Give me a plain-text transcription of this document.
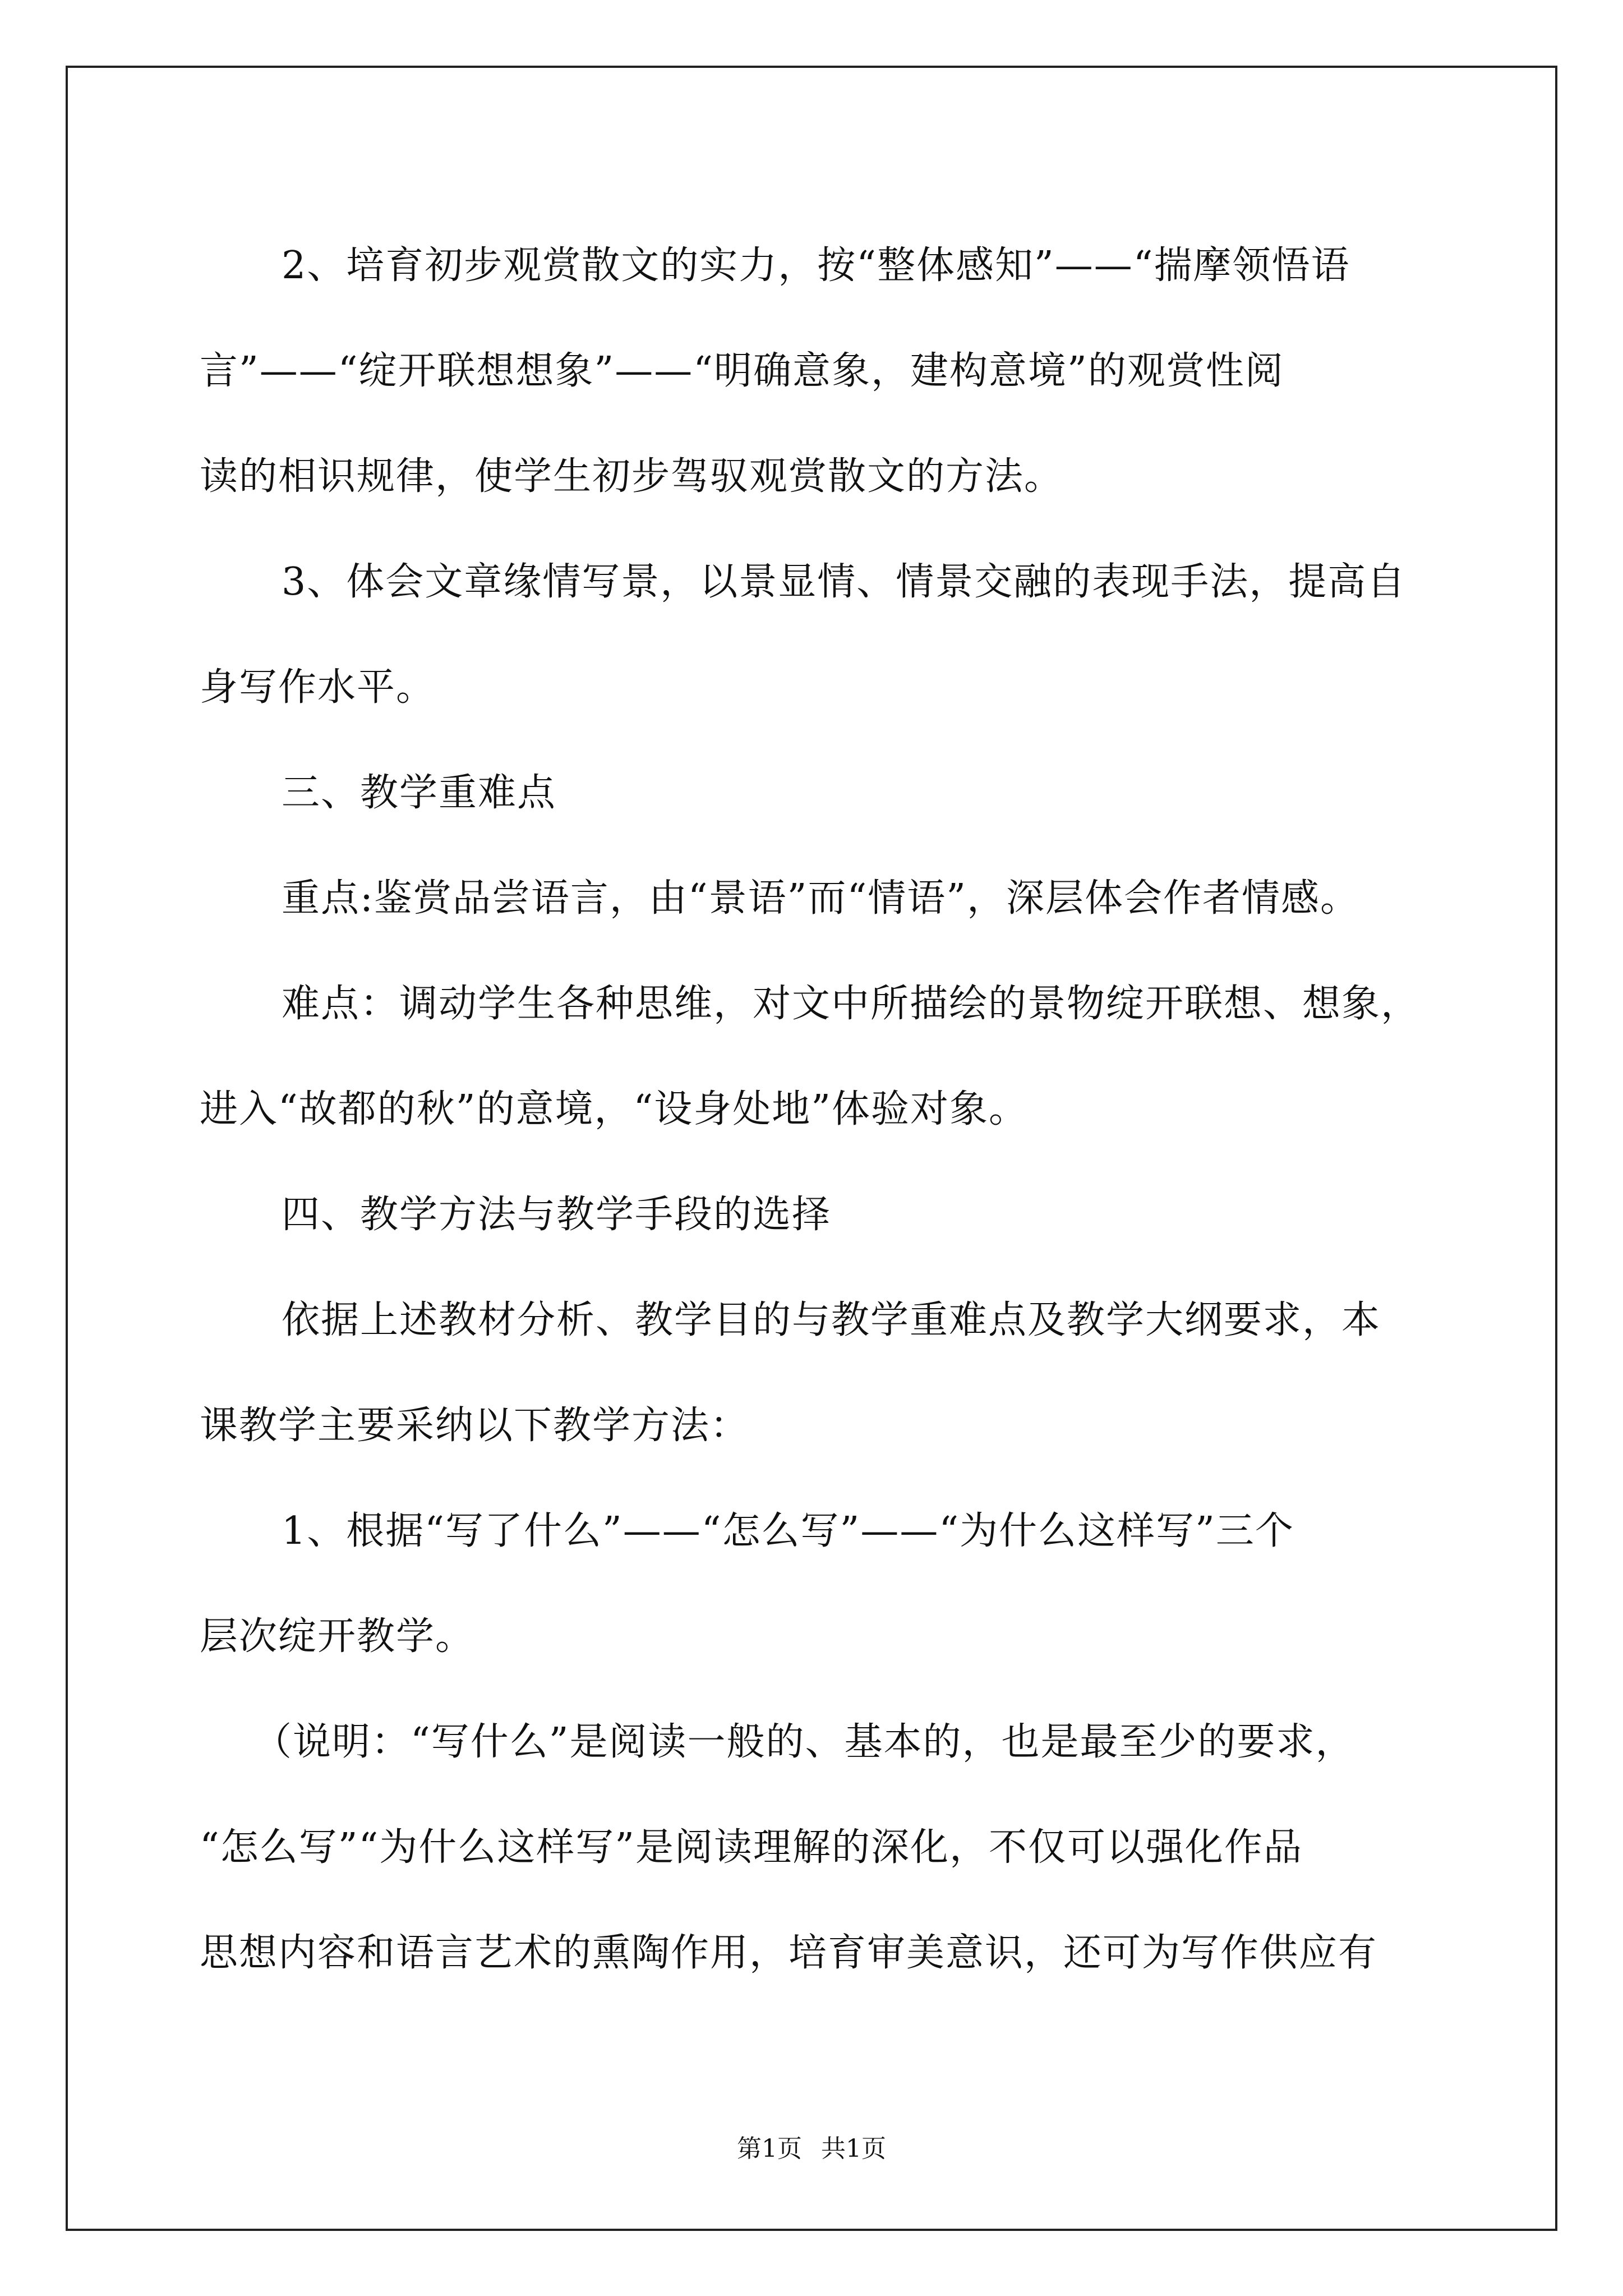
2、培育初步观赏散文的实力，按“整体感知”——“揣摩领悟语

言”——“绽开联想想象”——“明确意象，建构意境”的观赏性阅

读的相识规律，使学生初步驾驭观赏散文的方法。

3、体会文章缘情写景，以景显情、情景交融的表现手法，提高自

身写作水平。

三、教学重难点

重点:鉴赏品尝语言，由“景语”而“情语”，深层体会作者情感。

难点：调动学生各种思维，对文中所描绘的景物绽开联想、想象，

进入“故都的秋”的意境，“设身处地”体验对象。

四、教学方法与教学手段的选择

依据上述教材分析、教学目的与教学重难点及教学大纲要求，本

课教学主要采纳以下教学方法：

1、根据“写了什么”——“怎么写”——“为什么这样写”三个

层次绽开教学。

（说明：“写什么”是阅读一般的、基本的，也是最至少的要求，

“怎么写”“为什么这样写”是阅读理解的深化，不仅可以强化作品

思想内容和语言艺术的熏陶作用，培育审美意识，还可为写作供应有

第1页 共1页
